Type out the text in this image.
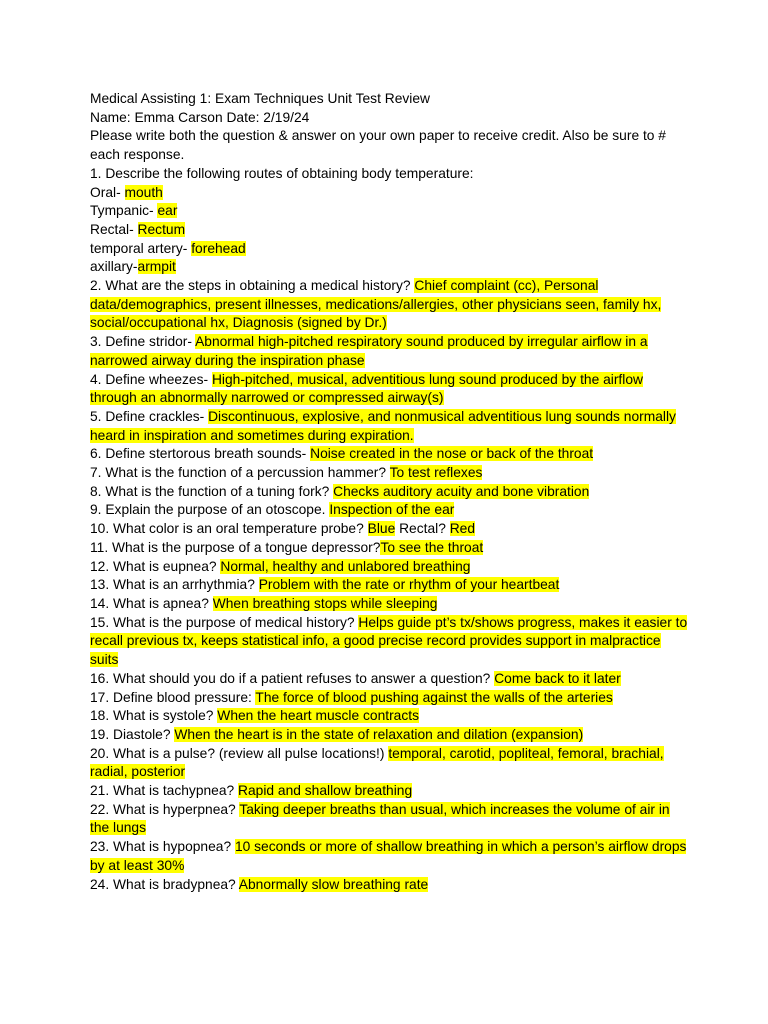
Medical Assisting 1: Exam Techniques Unit Test Review
Name: Emma Carson Date: 2/19/24
Please write both the question & answer on your own paper to receive credit. Also be sure to # each response.
1. Describe the following routes of obtaining body temperature:
Oral- mouth
Tympanic- ear
Rectal- Rectum
temporal artery- forehead
axillary-armpit
2. What are the steps in obtaining a medical history? Chief complaint (cc), Personal data/demographics, present illnesses, medications/allergies, other physicians seen, family hx, social/occupational hx, Diagnosis (signed by Dr.)
3. Define stridor- Abnormal high-pitched respiratory sound produced by irregular airflow in a narrowed airway during the inspiration phase
4. Define wheezes- High-pitched, musical, adventitious lung sound produced by the airflow through an abnormally narrowed or compressed airway(s)
5. Define crackles- Discontinuous, explosive, and nonmusical adventitious lung sounds normally heard in inspiration and sometimes during expiration.
6. Define stertorous breath sounds- Noise created in the nose or back of the throat
7. What is the function of a percussion hammer? To test reflexes
8. What is the function of a tuning fork? Checks auditory acuity and bone vibration
9. Explain the purpose of an otoscope. Inspection of the ear
10. What color is an oral temperature probe? Blue Rectal? Red
11. What is the purpose of a tongue depressor?To see the throat
12. What is eupnea? Normal, healthy and unlabored breathing
13. What is an arrhythmia? Problem with the rate or rhythm of your heartbeat
14. What is apnea? When breathing stops while sleeping
15. What is the purpose of medical history? Helps guide pt’s tx/shows progress, makes it easier to recall previous tx, keeps statistical info, a good precise record provides support in malpractice suits
16. What should you do if a patient refuses to answer a question? Come back to it later
17. Define blood pressure: The force of blood pushing against the walls of the arteries
18. What is systole? When the heart muscle contracts
19. Diastole? When the heart is in the state of relaxation and dilation (expansion)
20. What is a pulse? (review all pulse locations!) temporal, carotid, popliteal, femoral, brachial, radial, posterior
21. What is tachypnea? Rapid and shallow breathing
22. What is hyperpnea? Taking deeper breaths than usual, which increases the volume of air in the lungs
23. What is hypopnea? 10 seconds or more of shallow breathing in which a person’s airflow drops by at least 30%
24. What is bradypnea? Abnormally slow breathing rate
